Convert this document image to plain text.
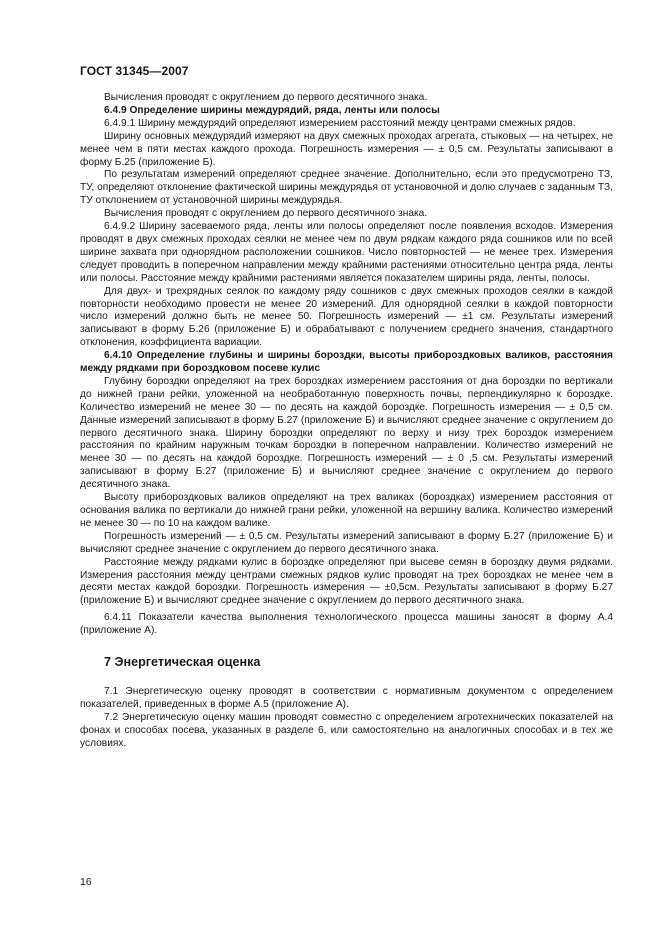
ГОСТ 31345—2007

Вычисления проводят с округлением до первого десятичного знака.

6.4.9 Определение ширины междурядий, ряда, ленты или полосы

6.4.9.1 Ширину междурядий определяют измерением расстояний между центрами смежных рядов.

Ширину основных междурядий измеряют на двух смежных проходах агрегата, стыковых — на четырех, не менее чем в пяти местах каждого прохода. Погрешность измерения — ± 0,5 см. Результаты записывают в форму Б.25 (приложение Б).

По результатам измерений определяют среднее значение. Дополнительно, если это предусмотрено ТЗ, ТУ, определяют отклонение фактической ширины междурядья от установочной и долю случаев с заданным ТЗ, ТУ отклонением от установочной ширины междурядья.

Вычисления проводят с округлением до первого десятичного знака.

6.4.9.2 Ширину засеваемого ряда, ленты или полосы определяют после появления всходов. Измерения проводят в двух смежных проходах сеялки не менее чем по двум рядкам каждого ряда сошников или по всей ширине захвата при однорядном расположении сошников. Число повторностей — не менее трех. Измерения следует проводить в поперечном направлении между крайними растениями относительно центра ряда, ленты или полосы. Расстояние между крайними растениями является показателем ширины ряда, ленты, полосы.

Для двух- и трехрядных сеялок по каждому ряду сошников с двух смежных проходов сеялки в каждой повторности необходимо провести не менее 20 измерений. Для однорядной сеялки в каждой повторности число измерений должно быть не менее 50. Погрешность измерений — ±1 см. Результаты измерений записывают в форму Б.26 (приложение Б) и обрабатывают с получением среднего значения, стандартного отклонения, коэффициента вариации.

6.4.10 Определение глубины и ширины бороздки, высоты приборoздковых валиков, расстояния между рядками при бороздковом посеве кулис

Глубину бороздки определяют на трех бороздках измерением расстояния от дна бороздки по вертикали до нижней грани рейки, уложенной на необработанную поверхность почвы, перпендикулярно к бороздке. Количество измерений не менее 30 — по десять на каждой бороздке. Погрешность измерения — ± 0,5 см. Данные измерений записывают в форму Б.27 (приложение Б) и вычисляют среднее значение с округлением до первого десятичного знака. Ширину бороздки определяют по верху и низу трех бороздок измерением расстояния по крайним наружным точкам бороздки в поперечном направлении. Количество измерений не менее 30 — по десять на каждой бороздке. Погрешность измерений — ± 0 ,5 см. Результаты измерений записывают в форму Б.27 (приложение Б) и вычисляют среднее значение с округлением до первого десятичного знака.

Высоту приборoздковых валиков определяют на трех валиках (бороздках) измерением расстояния от основания валика по вертикали до нижней грани рейки, уложенной на вершину валика. Количество измерений не менее 30 — по 10 на каждом валике.

Погрешность измерений — ± 0,5 см. Результаты измерений записывают в форму Б.27 (приложение Б) и вычисляют среднее значение с округлением до первого десятичного знака.

Расстояние между рядками кулис в бороздке определяют при высеве семян в бороздку двумя рядками. Измерения расстояния между центрами смежных рядков кулис проводят на трех бороздках не менее чем в десяти местах каждой бороздки. Погрешность измерения — ±0,5см. Результаты записывают в форму Б.27 (приложение Б) и вычисляют среднее значение с округлением до первого десятичного знака.

6.4.11 Показатели качества выполнения технологического процесса машины заносят в форму А.4 (приложение А).

7 Энергетическая оценка

7.1 Энергетическую оценку проводят в соответствии с нормативным документом с определением показателей, приведенных в форме А.5 (приложение А).

7.2 Энергетическую оценку машин проводят совместно с определением агротехнических показателей на фонах и способах посева, указанных в разделе 6, или самостоятельно на аналогичных способах и в тех же условиях.

16
